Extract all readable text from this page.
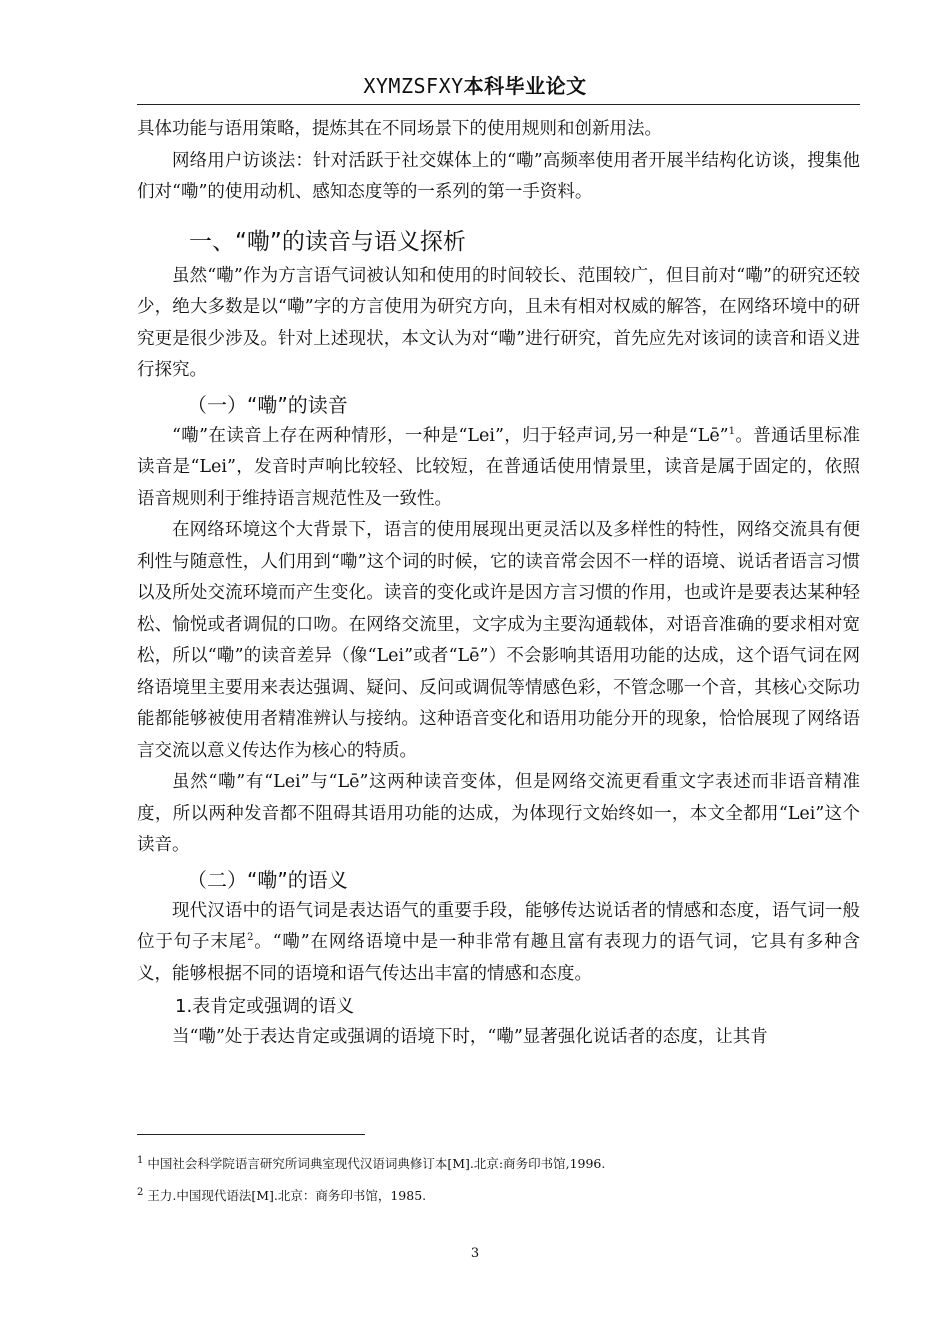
XYMZSFXY本科毕业论文

具体功能与语用策略，提炼其在不同场景下的使用规则和创新用法。

网络用户访谈法：针对活跃于社交媒体上的“嘞”高频率使用者开展半结构化访谈，搜集他们对“嘞”的使用动机、感知态度等的一系列的第一手资料。

一、“嘞”的读音与语义探析

虽然“嘞”作为方言语气词被认知和使用的时间较长、范围较广，但目前对“嘞”的研究还较少，绝大多数是以“嘞”字的方言使用为研究方向，且未有相对权威的解答，在网络环境中的研究更是很少涉及。针对上述现状，本文认为对“嘞”进行研究，首先应先对该词的读音和语义进行探究。

（一）“嘞”的读音

“嘞”在读音上存在两种情形，一种是“Lei”，归于轻声词,另一种是“Lē”$^1$。普通话里标准读音是“Lei”，发音时声响比较轻、比较短，在普通话使用情景里，读音是属于固定的，依照语音规则利于维持语言规范性及一致性。

在网络环境这个大背景下，语言的使用展现出更灵活以及多样性的特性，网络交流具有便利性与随意性，人们用到“嘞”这个词的时候，它的读音常会因不一样的语境、说话者语言习惯以及所处交流环境而产生变化。读音的变化或许是因方言习惯的作用，也或许是要表达某种轻松、愉悦或者调侃的口吻。在网络交流里，文字成为主要沟通载体，对语音准确的要求相对宽松，所以“嘞”的读音差异（像“Lei”或者“Lē”）不会影响其语用功能的达成，这个语气词在网络语境里主要用来表达强调、疑问、反问或调侃等情感色彩，不管念哪一个音，其核心交际功能都能够被使用者精准辨认与接纳。这种语音变化和语用功能分开的现象，恰恰展现了网络语言交流以意义传达作为核心的特质。

虽然“嘞”有“Lei”与“Lē”这两种读音变体，但是网络交流更看重文字表述而非语音精准度，所以两种发音都不阻碍其语用功能的达成，为体现行文始终如一，本文全都用“Lei”这个读音。

（二）“嘞”的语义

现代汉语中的语气词是表达语气的重要手段，能够传达说话者的情感和态度，语气词一般位于句子末尾$^2$。“嘞”在网络语境中是一种非常有趣且富有表现力的语气词，它具有多种含义，能够根据不同的语境和语气传达出丰富的情感和态度。

1.表肯定或强调的语义

当“嘞”处于表达肯定或强调的语境下时，“嘞”显著强化说话者的态度，让其肯

$^1$ 中国社会科学院语言研究所词典室现代汉语词典修订本[M].北京:商务印书馆,1996.
$^2$ 王力.中国现代语法[M].北京：商务印书馆，1985.
3
